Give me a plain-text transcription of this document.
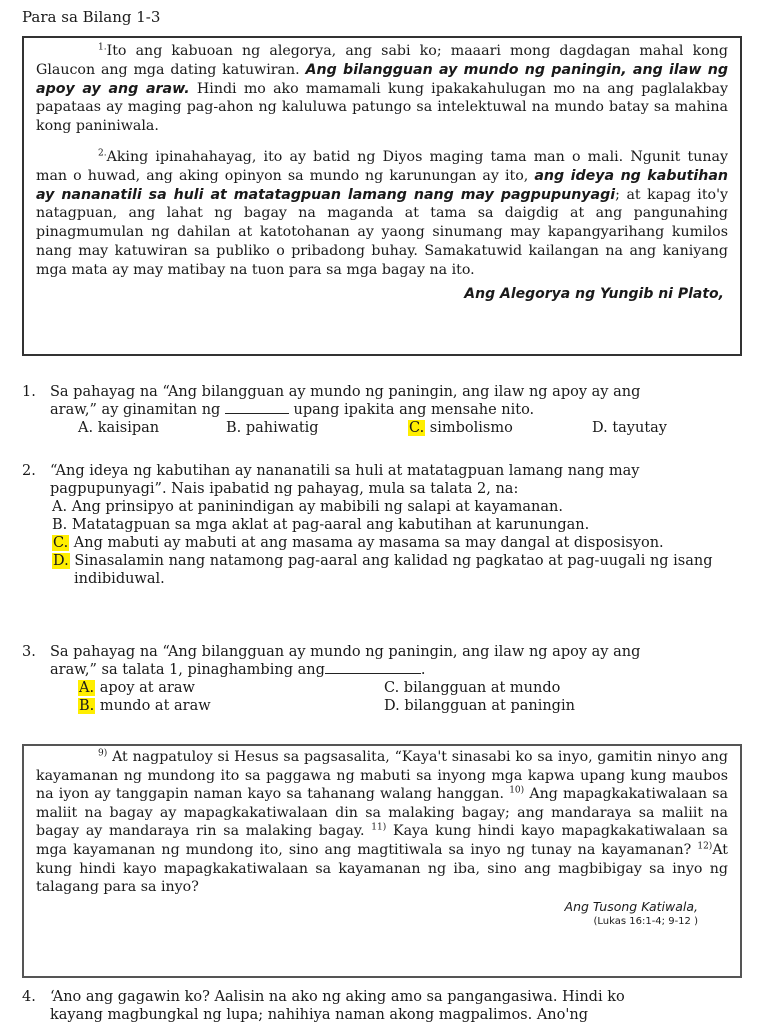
Para sa Bilang 1-3

$^{1.}$Ito ang kabuoan ng alegorya, ang sabi ko; maaari mong dagdagan mahal kong Glaucon ang mga dating katuwiran. Ang bilangguan ay mundo ng paningin, ang ilaw ng apoy ay ang araw. Hindi mo ako mamamali kung ipakakahulugan mo na ang paglalakbay papataas ay maging pag-ahon ng kaluluwa patungo sa intelektuwal na mundo batay sa mahina kong paniniwala.

$^{2.}$Aking ipinahahayag, ito ay batid ng Diyos maging tama man o mali. Ngunit tunay man o huwad, ang aking opinyon sa mundo ng karunungan ay ito, ang ideya ng kabutihan ay nananatili sa huli at matatagpuan lamang nang may pagpupunyagi; at kapag ito'y natagpuan, ang lahat ng bagay na maganda at tama sa daigdig at ang pangunahing pinagmumulan ng dahilan at katotohanan ay yaong sinumang may kapangyarihang kumilos nang may katuwiran sa publiko o pribadong buhay. Samakatuwid kailangan na ang kaniyang mga mata ay may matibay na tuon para sa mga bagay na ito.

Ang Alegorya ng Yungib ni Plato,
1. Sa pahayag na “Ang bilangguan ay mundo ng paningin, ang ilaw ng apoy ay ang
araw,” ay ginamitan ng	upang ipakita ang mensahe nito.
A. kaisipan	B. pahiwatig	C. simbolismo	D. tayutay
2. “Ang ideya ng kabutihan ay nananatili sa huli at matatagpuan lamang nang may
pagpupunyagi”. Nais ipabatid ng pahayag, mula sa talata 2, na:
A. Ang prinsipyo at paninindigan ay mabibili ng salapi at kayamanan.
B. Matatagpuan sa mga aklat at pag-aaral ang kabutihan at karunungan.
C. Ang mabuti ay mabuti at ang masama ay masama sa may dangal at disposisyon.
D. Sinasalamin nang natamong pag-aaral ang kalidad ng pagkatao at pag-uugali ng isang indibiduwal.
3. Sa pahayag na “Ang bilangguan ay mundo ng paningin, ang ilaw ng apoy ay ang
araw,” sa talata 1, pinaghambing ang	.
A. apoy at araw	C. bilangguan at mundo
B. mundo at araw	D. bilangguan at paningin

$^{9)}$ At nagpatuloy si Hesus sa pagsasalita, “Kaya't sinasabi ko sa inyo, gamitin ninyo ang kayamanan ng mundong ito sa paggawa ng mabuti sa inyong mga kapwa upang kung maubos na iyon ay tanggapin naman kayo sa tahanang walang hanggan. $^{10)}$ Ang mapagkakatiwalaan sa maliit na bagay ay mapagkakatiwalaan din sa malaking bagay; ang mandaraya sa maliit na bagay ay mandaraya rin sa malaking bagay. $^{11)}$ Kaya kung hindi kayo mapagkakatiwalaan sa mga kayamanan ng mundong ito, sino ang magtitiwala sa inyo ng tunay na kayamanan? $^{12)}$At kung hindi kayo mapagkakatiwalaan sa kayamanan ng iba, sino ang magbibigay sa inyo ng talagang para sa inyo?

Ang Tusong Katiwala,
(Lukas 16:1-4; 9-12 )
4. ‘Ano ang gagawin ko? Aalisin na ako ng aking amo sa pangangasiwa. Hindi ko
kayang magbungkal ng lupa; nahihiya naman akong magpalimos. Ano'ng
